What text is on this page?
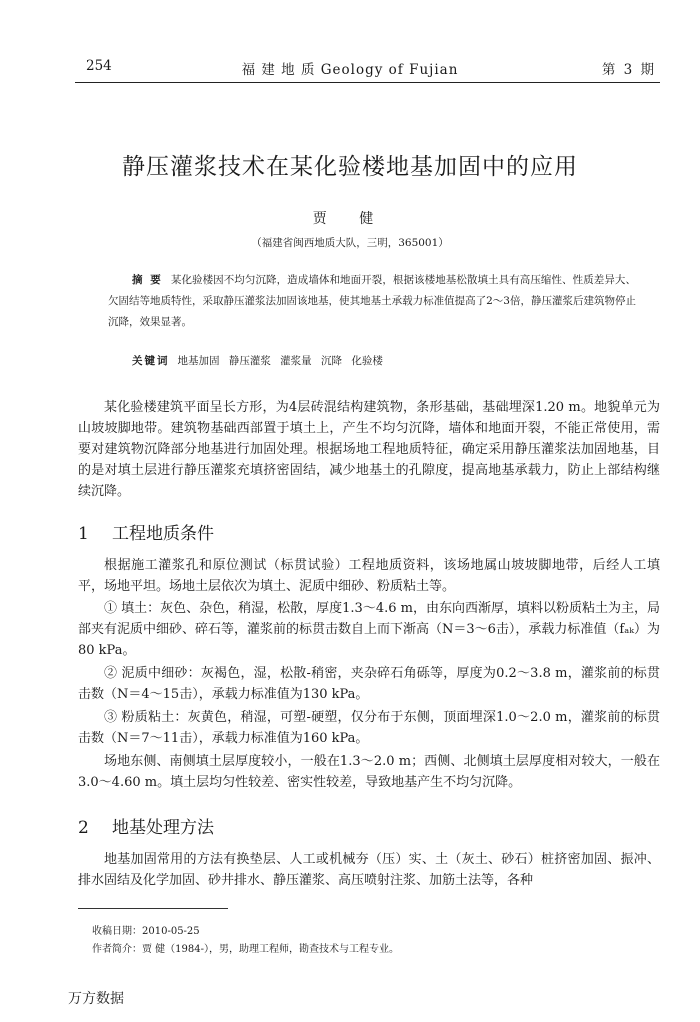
254	福 建 地 质 Geology of Fujian	第 3 期
静压灌浆技术在某化验楼地基加固中的应用
贾 健
（福建省闽西地质大队，三明，365001）
摘 要 某化验楼因不均匀沉降，造成墙体和地面开裂，根据该楼地基松散填土具有高压缩性、性质差异大、欠固结等地质特性，采取静压灌浆法加固该地基，使其地基土承载力标准值提高了2～3倍，静压灌浆后建筑物停止沉降，效果显著。
关键词 地基加固 静压灌浆 灌浆量 沉降 化验楼
某化验楼建筑平面呈长方形，为4层砖混结构建筑物，条形基础，基础埋深1.20 m。地貌单元为山坡坡脚地带。建筑物基础西部置于填土上，产生不均匀沉降，墙体和地面开裂，不能正常使用，需要对建筑物沉降部分地基进行加固处理。根据场地工程地质特征，确定采用静压灌浆法加固地基，目的是对填土层进行静压灌浆充填挤密固结，减少地基土的孔隙度，提高地基承载力，防止上部结构继续沉降。
1 工程地质条件
根据施工灌浆孔和原位测试（标贯试验）工程地质资料，该场地属山坡坡脚地带，后经人工填平，场地平坦。场地土层依次为填土、泥质中细砂、粉质粘土等。
① 填土：灰色、杂色，稍湿，松散，厚度1.3～4.6 m，由东向西渐厚，填料以粉质粘土为主，局部夹有泥质中细砂、碎石等，灌浆前的标贯击数自上而下渐高（N＝3～6击），承载力标准值（fₐₖ）为80 kPa。
② 泥质中细砂：灰褐色，湿，松散-稍密，夹杂碎石角砾等，厚度为0.2～3.8 m，灌浆前的标贯击数（N＝4～15击），承载力标准值为130 kPa。
③ 粉质粘土：灰黄色，稍湿，可塑-硬塑，仅分布于东侧，顶面埋深1.0～2.0 m，灌浆前的标贯击数（N＝7～11击），承载力标准值为160 kPa。
场地东侧、南侧填土层厚度较小，一般在1.3～2.0 m；西侧、北侧填土层厚度相对较大，一般在3.0～4.60 m。填土层均匀性较差、密实性较差，导致地基产生不均匀沉降。
2 地基处理方法
地基加固常用的方法有换垫层、人工或机械夯（压）实、土（灰土、砂石）桩挤密加固、振冲、排水固结及化学加固、砂井排水、静压灌浆、高压喷射注浆、加筋土法等，各种
收稿日期：2010-05-25
作者简介：贾 健（1984-），男，助理工程师，勘查技术与工程专业。
万方数据
